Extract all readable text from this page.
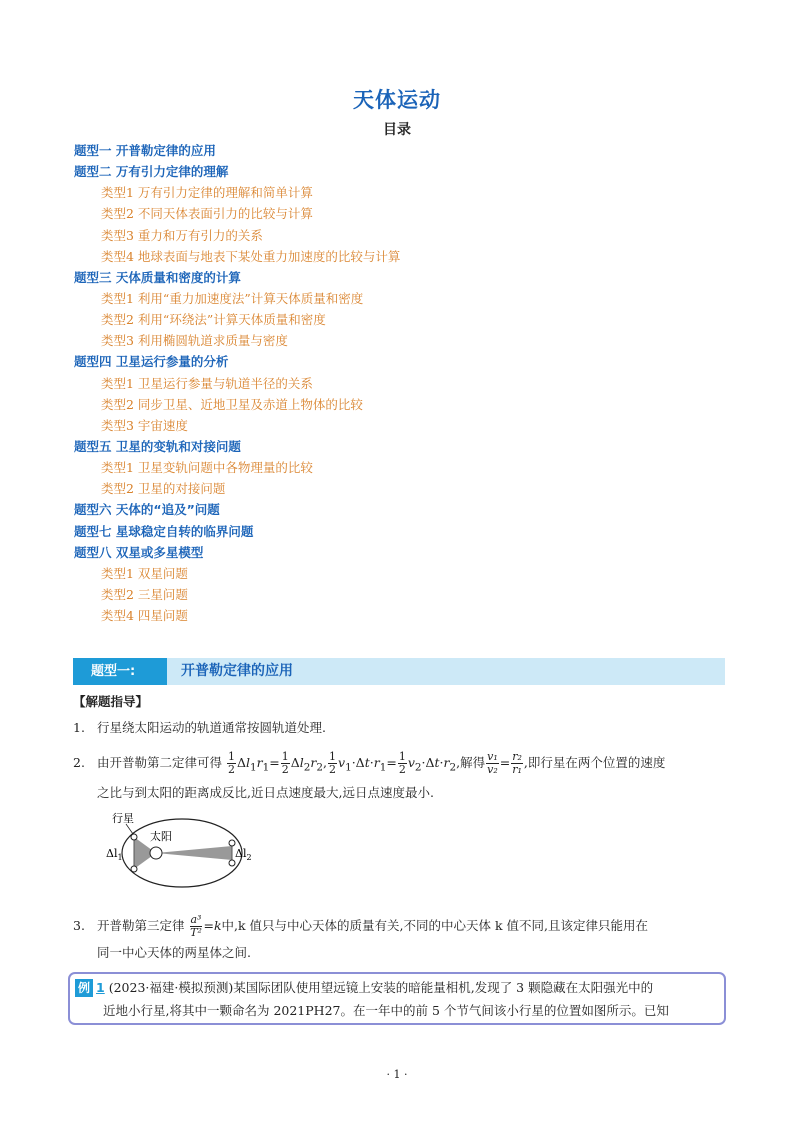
天体运动
目录
题型一 开普勒定律的应用
题型二 万有引力定律的理解
类型1 万有引力定律的理解和简单计算
类型2 不同天体表面引力的比较与计算
类型3 重力和万有引力的关系
类型4 地球表面与地表下某处重力加速度的比较与计算
题型三 天体质量和密度的计算
类型1 利用“重力加速度法”计算天体质量和密度
类型2 利用“环绕法”计算天体质量和密度
类型3 利用椭圆轨道求质量与密度
题型四 卫星运行参量的分析
类型1 卫星运行参量与轨道半径的关系
类型2 同步卫星、近地卫星及赤道上物体的比较
类型3 宇宙速度
题型五 卫星的变轨和对接问题
类型1 卫星变轨问题中各物理量的比较
类型2 卫星的对接问题
题型六 天体的“追及”问题
题型七 星球稳定自转的临界问题
题型八 双星或多星模型
类型1 双星问题
类型2 三星问题
类型4 四星问题
题型一:	开普勒定律的应用
【解题指导】
1. 行星绕太阳运动的轨道通常按圆轨道处理.
2. 由开普勒第二定律可得 $\frac{1}{2} \Delta l_1r_1= \frac{1}{2} \Delta l_2r_2$, $\frac{1}{2} v_1\cdot\Delta t\cdot r_1= \frac{1}{2} v_2\cdot\Delta t\cdot r_2$,解得 $\frac{\text{v₁}}{\text{v₂}} = \frac{\text{r₂}}{\text{r₁}}$ ,即行星在两个位置的速度
之比与到太阳的距离成反比,近日点速度最大,远日点速度最小.
行星
太阳
$\Delta l_1$	$\Delta l_2$
3. 开普勒第三定律 $\frac{\text{a³}}{\text{T²}} =k$中,k 值只与中心天体的质量有关,不同的中心天体 k 值不同,且该定律只能用在
同一中心天体的两星体之间.
例 1 (2023·福建·模拟预测)某国际团队使用望远镜上安装的暗能量相机,发现了 3 颗隐藏在太阳强光中的
近地小行星,将其中一颗命名为 2021PH27。在一年中的前 5 个节气间该小行星的位置如图所示。已知
· 1 ·
